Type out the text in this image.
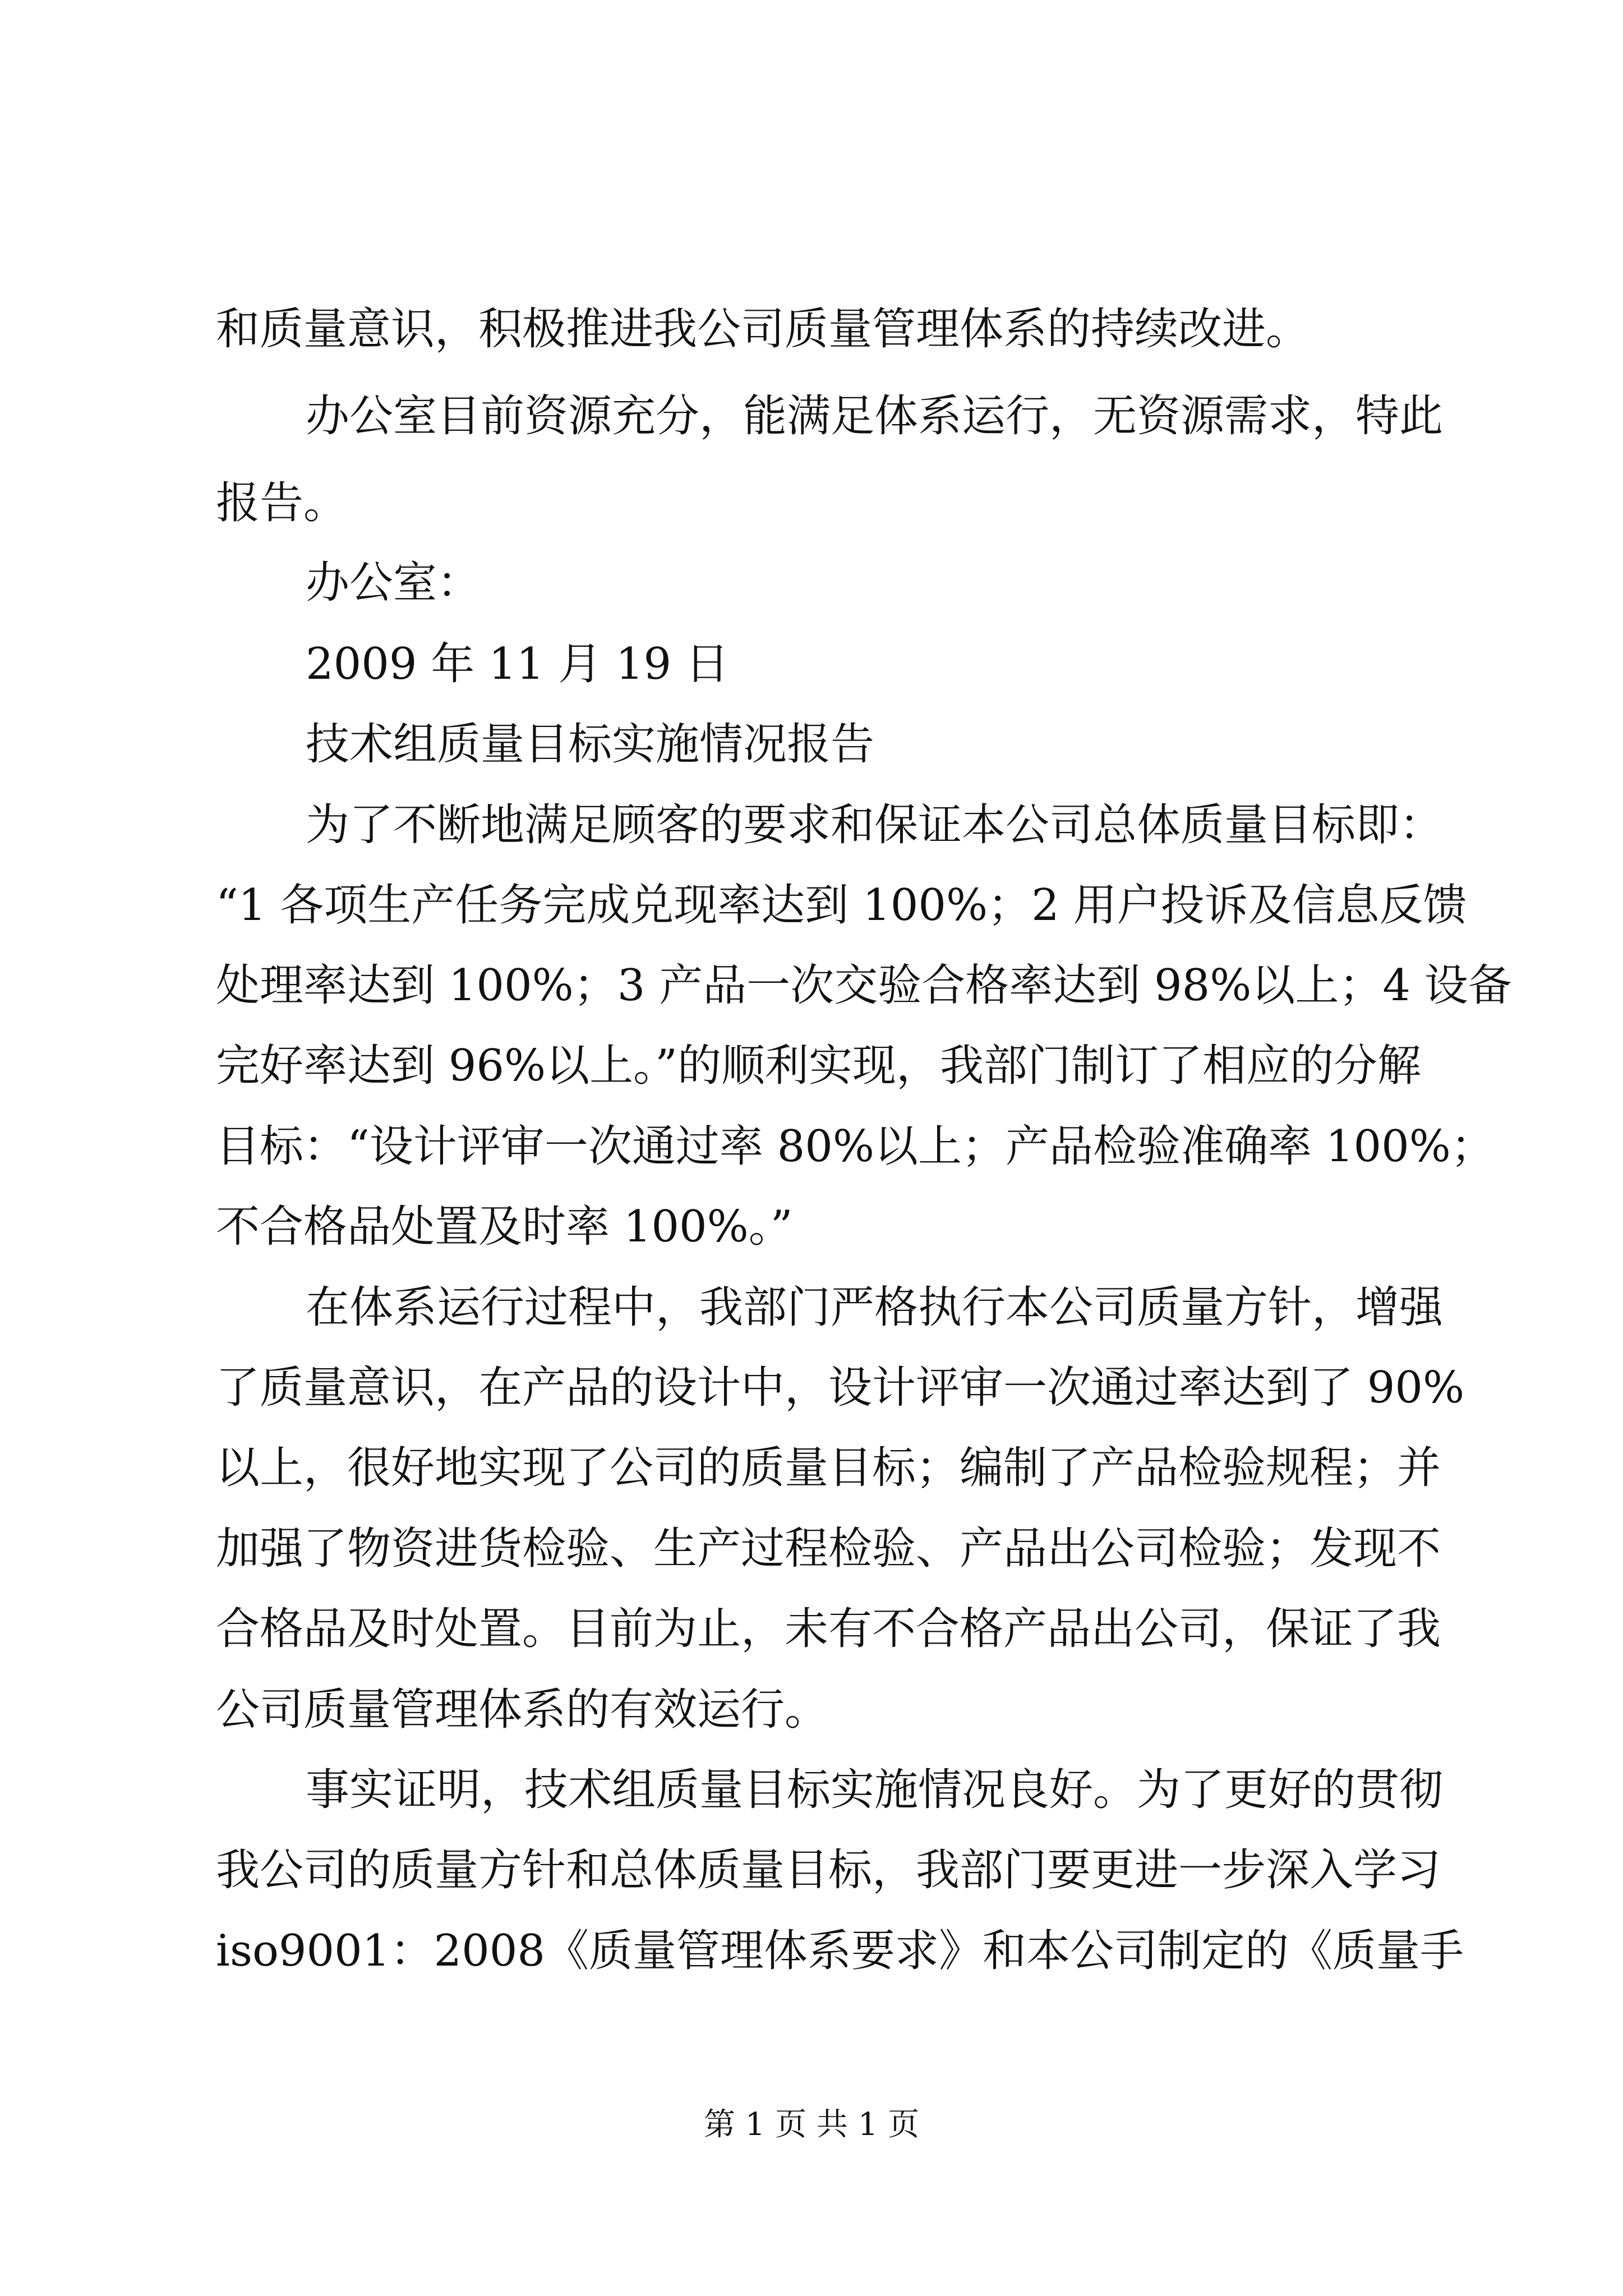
和质量意识，积极推进我公司质量管理体系的持续改进。

办公室目前资源充分，能满足体系运行，无资源需求，特此

报告。

办公室：

2009 年 11 月 19 日

技术组质量目标实施情况报告

为了不断地满足顾客的要求和保证本公司总体质量目标即：

“1 各项生产任务完成兑现率达到 100%；2 用户投诉及信息反馈

处理率达到 100%；3 产品一次交验合格率达到 98%以上；4 设备

完好率达到 96%以上。”的顺利实现，我部门制订了相应的分解

目标：“设计评审一次通过率 80%以上；产品检验准确率 100%；

不合格品处置及时率 100%。”

在体系运行过程中，我部门严格执行本公司质量方针，增强

了质量意识，在产品的设计中，设计评审一次通过率达到了 90%

以上，很好地实现了公司的质量目标；编制了产品检验规程；并

加强了物资进货检验、生产过程检验、产品出公司检验；发现不

合格品及时处置。目前为止，未有不合格产品出公司，保证了我

公司质量管理体系的有效运行。

事实证明，技术组质量目标实施情况良好。为了更好的贯彻

我公司的质量方针和总体质量目标，我部门要更进一步深入学习

iso9001：2008《质量管理体系要求》和本公司制定的《质量手

第 1 页 共 1 页
